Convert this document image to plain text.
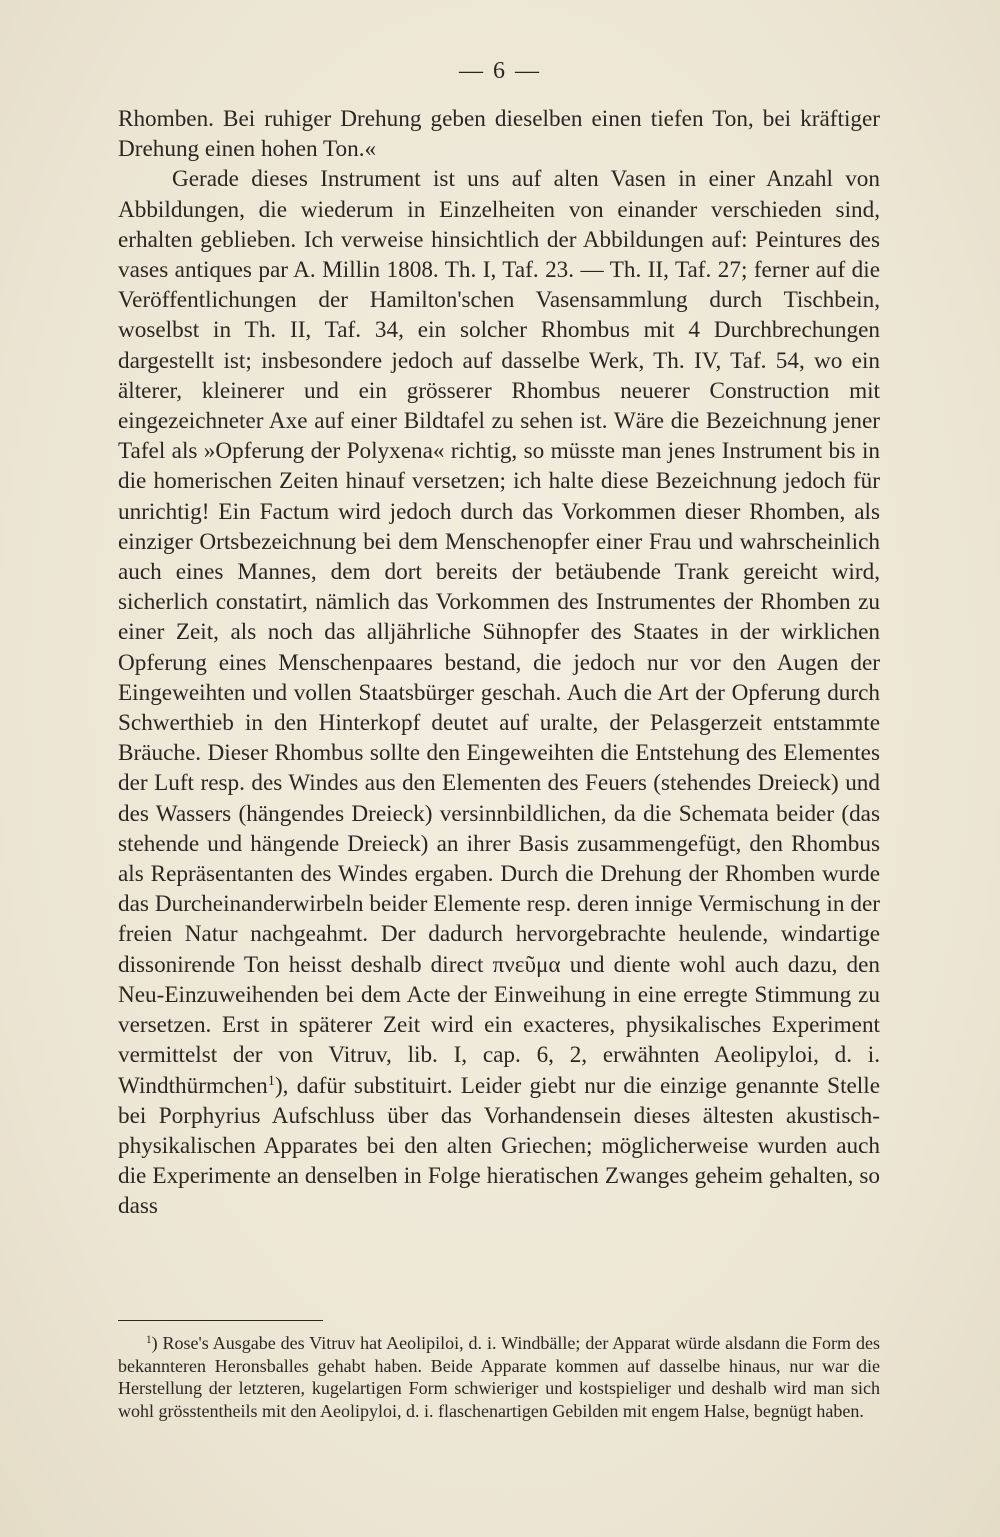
— 6 —

Rhomben. Bei ruhiger Drehung geben dieselben einen tiefen Ton, bei kräftiger Drehung einen hohen Ton.«

Gerade dieses Instrument ist uns auf alten Vasen in einer Anzahl von Abbildungen, die wiederum in Einzelheiten von einander verschieden sind, erhalten geblieben. Ich verweise hinsichtlich der Abbildungen auf: Peintures des vases antiques par A. Millin 1808. Th. I, Taf. 23. — Th. II, Taf. 27; ferner auf die Veröffentlichungen der Hamilton'schen Vasensammlung durch Tischbein, woselbst in Th. II, Taf. 34, ein solcher Rhombus mit 4 Durchbrechungen dargestellt ist; insbesondere jedoch auf dasselbe Werk, Th. IV, Taf. 54, wo ein älterer, kleinerer und ein grösserer Rhombus neuerer Construction mit eingezeichneter Axe auf einer Bildtafel zu sehen ist. Wäre die Bezeichnung jener Tafel als »Opferung der Polyxena« richtig, so müsste man jenes Instrument bis in die homerischen Zeiten hinauf versetzen; ich halte diese Bezeichnung jedoch für unrichtig! Ein Factum wird jedoch durch das Vorkommen dieser Rhomben, als einziger Ortsbezeichnung bei dem Menschenopfer einer Frau und wahrscheinlich auch eines Mannes, dem dort bereits der betäubende Trank gereicht wird, sicherlich constatirt, nämlich das Vorkommen des Instrumentes der Rhomben zu einer Zeit, als noch das alljährliche Sühnopfer des Staates in der wirklichen Opferung eines Menschenpaares bestand, die jedoch nur vor den Augen der Eingeweihten und vollen Staatsbürger geschah. Auch die Art der Opferung durch Schwerthieb in den Hinterkopf deutet auf uralte, der Pelasgerzeit entstammte Bräuche. Dieser Rhombus sollte den Eingeweihten die Entstehung des Elementes der Luft resp. des Windes aus den Elementen des Feuers (stehendes Dreieck) und des Wassers (hängendes Dreieck) versinnbildlichen, da die Schemata beider (das stehende und hängende Dreieck) an ihrer Basis zusammengefügt, den Rhombus als Repräsentanten des Windes ergaben. Durch die Drehung der Rhomben wurde das Durcheinanderwirbeln beider Elemente resp. deren innige Vermischung in der freien Natur nachgeahmt. Der dadurch hervorgebrachte heulende, windartige dissonirende Ton heisst deshalb direct πνεῦμα und diente wohl auch dazu, den Neu-Einzuweihenden bei dem Acte der Einweihung in eine erregte Stimmung zu versetzen. Erst in späterer Zeit wird ein exacteres, physikalisches Experiment vermittelst der von Vitruv, lib. I, cap. 6, 2, erwähnten Aeolipyloi, d. i. Windthürmchen$^1$), dafür substituirt. Leider giebt nur die einzige genannte Stelle bei Porphyrius Aufschluss über das Vorhandensein dieses ältesten akustisch-physikalischen Apparates bei den alten Griechen; möglicherweise wurden auch die Experimente an denselben in Folge hieratischen Zwanges geheim gehalten, so dass

$^1$) Rose's Ausgabe des Vitruv hat Aeolipiloi, d. i. Windbälle; der Apparat würde alsdann die Form des bekannteren Heronsballes gehabt haben. Beide Apparate kommen auf dasselbe hinaus, nur war die Herstellung der letzteren, kugelartigen Form schwieriger und kostspieliger und deshalb wird man sich wohl grösstentheils mit den Aeolipyloi, d. i. flaschenartigen Gebilden mit engem Halse, begnügt haben.
